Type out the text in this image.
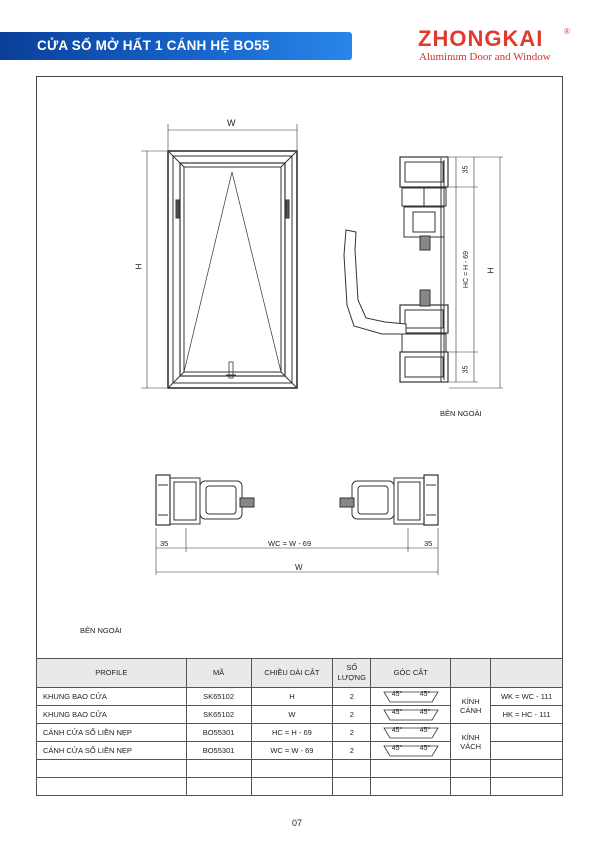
CỬA SỔ MỞ HẤT 1 CÁNH HỆ BO55	ZHONGKAI	®
Aluminum Door and Window
W
H
35
HC = H - 69
35
H
BÊN NGOÀI
35	WC = W - 69	35
W
BÊN NGOÀI
PROFILE	MÃ	CHIỀU DÀI CẮT	SỐ LƯỢNG	GÓC CẮT		
KHUNG BAO CỬA	SK65102	H	2	45° 45°	KÍNH CÁNH	WK = WC - 111
KHUNG BAO CỬA	SK65102	W	2	45° 45°		HK = HC - 111
CÁNH CỬA SỔ LIỀN NẸP	BO55301	HC = H - 69	2	45° 45°	KÍNH VÁCH	
CÁNH CỬA SỔ LIỀN NẸP	BO55301	WC = W - 69	2	45° 45°		

07
